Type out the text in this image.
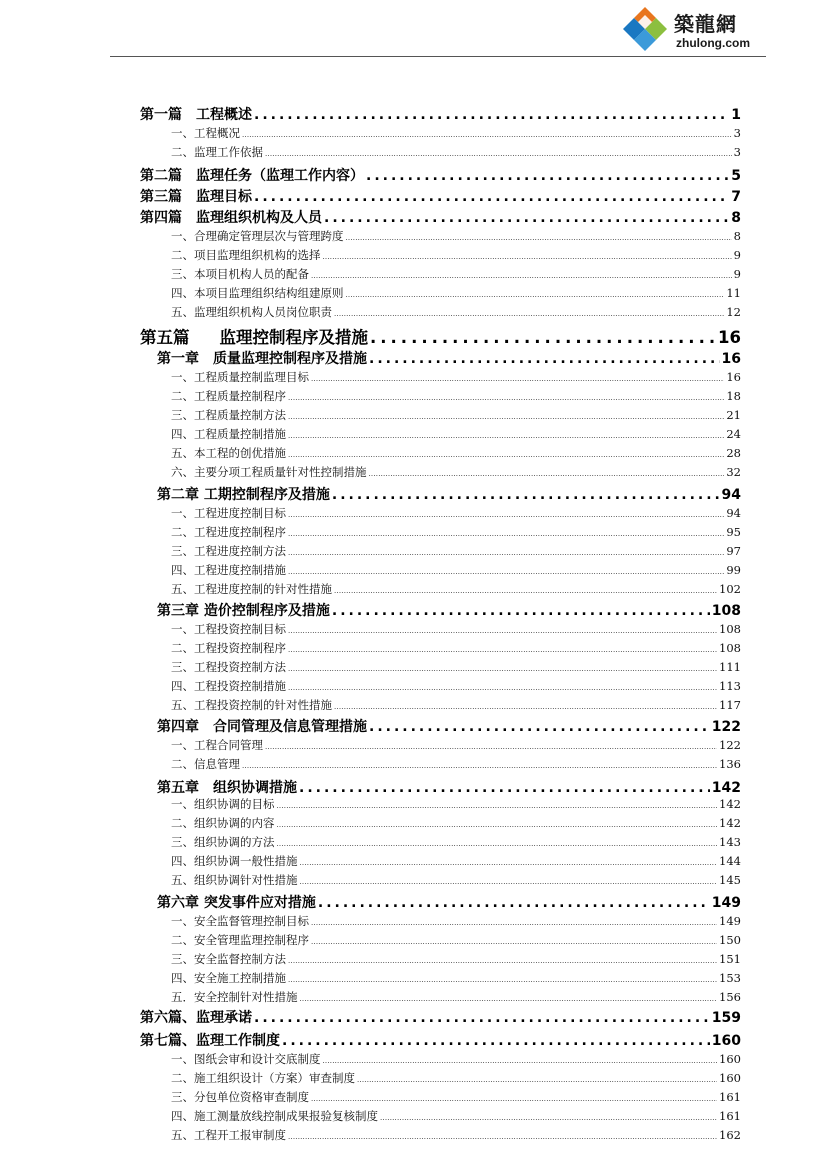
築龍網
zhulong.com
第一篇 工程概述 .....	1
一、工程概况 .....	3
二、监理工作依据 .....	3
第二篇 监理任务（监理工作内容） .....	5
第三篇 监理目标 .....	7
第四篇 监理组织机构及人员 .....	8
一、合理确定管理层次与管理跨度 .....	8
二、项目监理组织机构的选择 .....	9
三、本项目机构人员的配备 .....	9
四、本项目监理组织结构组建原则 .....	11
五、监理组织机构人员岗位职责 .....	12
第五篇 监理控制程序及措施 .....	16
第一章 质量监理控制程序及措施 .....	16
一、工程质量控制监理目标 .....	16
二、工程质量控制程序 .....	18
三、工程质量控制方法 .....	21
四、工程质量控制措施 .....	24
五、本工程的创优措施 .....	28
六、主要分项工程质量针对性控制措施 .....	32
第二章 工期控制程序及措施 .....	94
一、工程进度控制目标 .....	94
二、工程进度控制程序 .....	95
三、工程进度控制方法 .....	97
四、工程进度控制措施 .....	99
五、工程进度控制的针对性措施 .....	102
第三章 造价控制程序及措施 .....	108
一、工程投资控制目标 .....	108
二、工程投资控制程序 .....	108
三、工程投资控制方法 .....	111
四、工程投资控制措施 .....	113
五、工程投资控制的针对性措施 .....	117
第四章 合同管理及信息管理措施 .....	122
一、工程合同管理 .....	122
二、信息管理 .....	136
第五章 组织协调措施 .....	142
一、组织协调的目标 .....	142
二、组织协调的内容 .....	142
三、组织协调的方法 .....	143
四、组织协调一般性措施 .....	144
五、组织协调针对性措施 .....	145
第六章 突发事件应对措施 .....	149
一、安全监督管理控制目标 .....	149
二、安全管理监理控制程序 .....	150
三、安全监督控制方法 .....	151
四、安全施工控制措施 .....	153
五．安全控制针对性措施 .....	156
第六篇、监理承诺 .....	159
第七篇、监理工作制度 .....	160
一、图纸会审和设计交底制度 .....	160
二、施工组织设计（方案）审查制度 .....	160
三、分包单位资格审查制度 .....	161
四、施工测量放线控制成果报验复核制度 .....	161
五、工程开工报审制度 .....	162
